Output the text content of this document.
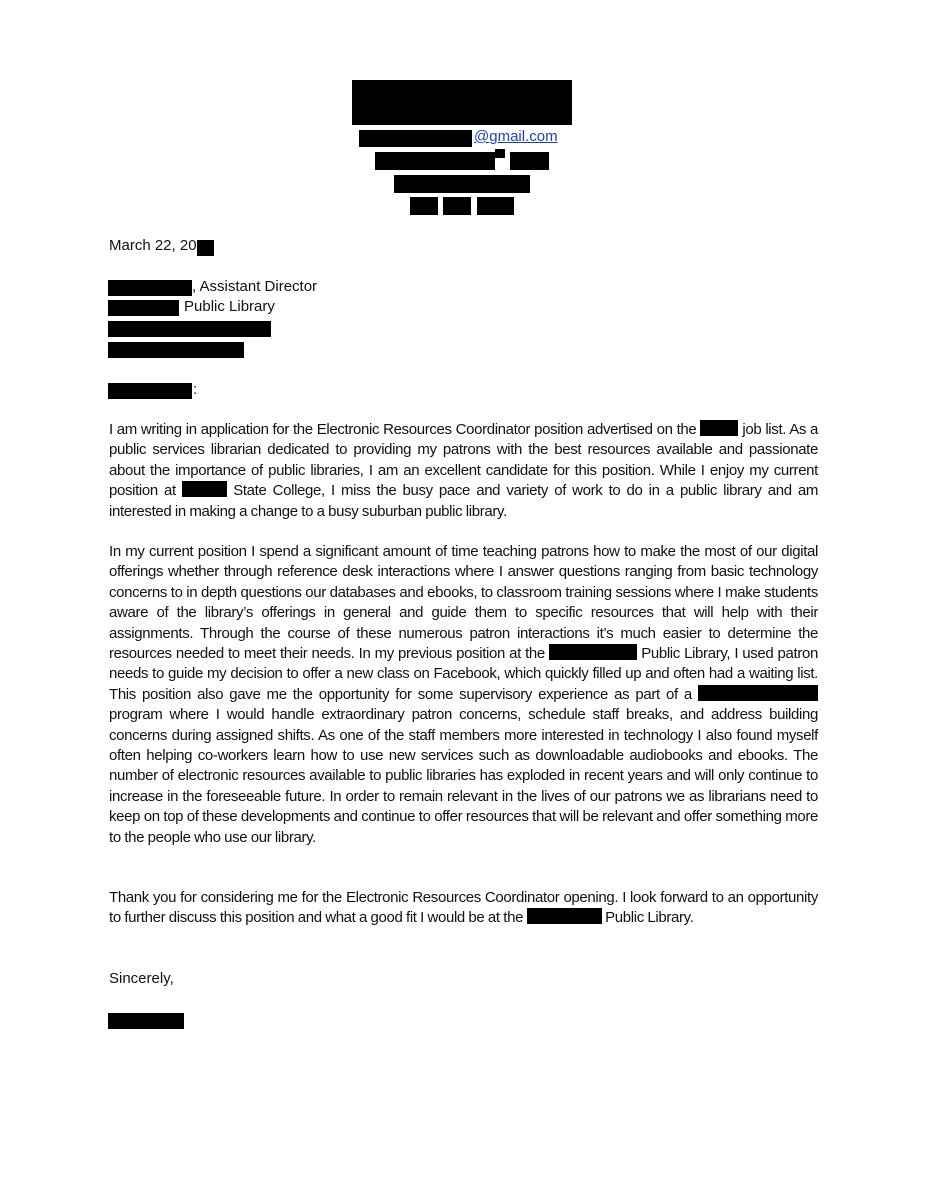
@gmail.com
March 22, 20
, Assistant Director
Public Library
:
I am writing in application for the Electronic Resources Coordinator position advertised on the	job list. As a public services librarian dedicated to providing my patrons with the best resources available and passionate about the importance of public libraries, I am an excellent candidate for this position. While I enjoy my current position at	State College, I miss the busy pace and variety of work to do in a public library and am interested in making a change to a busy suburban public library.
In my current position I spend a significant amount of time teaching patrons how to make the most of our digital offerings whether through reference desk interactions where I answer questions ranging from basic technology concerns to in depth questions our databases and ebooks, to classroom training sessions where I make students aware of the library’s offerings in general and guide them to specific resources that will help with their assignments. Through the course of these numerous patron interactions it’s much easier to determine the resources needed to meet their needs. In my previous position at the	Public Library, I used patron needs to guide my decision to offer a new class on Facebook, which quickly filled up and often had a waiting list. This position also gave me the opportunity for some supervisory experience as part of a  program where I would handle extraordinary patron concerns, schedule staff breaks, and address building concerns during assigned shifts. As one of the staff members more interested in technology I also found myself often helping co-workers learn how to use new services such as downloadable audiobooks and ebooks. The number of electronic resources available to public libraries has exploded in recent years and will only continue to increase in the foreseeable future. In order to remain relevant in the lives of our patrons we as librarians need to keep on top of these developments and continue to offer resources that will be relevant and offer something more to the people who use our library.
Thank you for considering me for the Electronic Resources Coordinator opening. I look forward to an opportunity to further discuss this position and what a good fit I would be at the	Public Library.
Sincerely,
